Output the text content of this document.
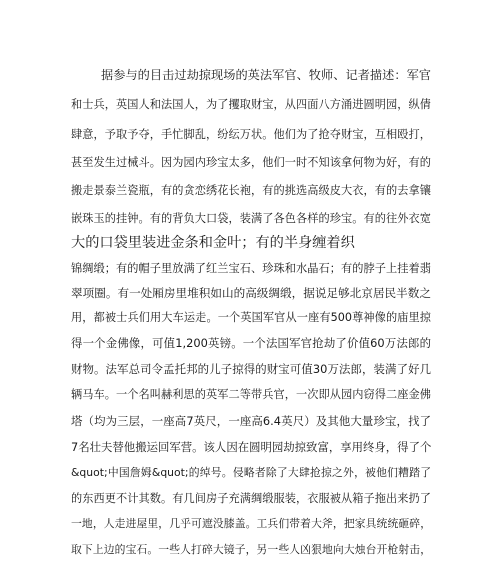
据参与的目击过劫掠现场的英法军官、牧师、记者描述：军官
和士兵，英国人和法国人，为了攫取财宝，从四面八方涌进圆明园，纵倩
肆意，予取予夺，手忙脚乱，纷纭万状。他们为了抢夺财宝，互相殴打，
甚至发生过械斗。因为园内珍宝太多，他们一时不知该拿何物为好，有的
搬走景泰兰瓷瓶，有的贪恋绣花长袍，有的挑选高级皮大衣，有的去拿镶
嵌珠玉的挂钟。有的背负大口袋，装满了各色各样的珍宝。有的往外衣宽
大的口袋里装进金条和金叶；有的半身缠着织
锦绸缎；有的帽子里放满了红兰宝石、珍珠和水晶石；有的脖子上挂着翡
翠项圈。有一处厢房里堆积如山的高级绸缎，据说足够北京居民半数之
用，都被士兵们用大车运走。一个英国军官从一座有500尊神像的庙里掠
得一个金佛像，可值1,200英镑。一个法国军官抢劫了价值60万法郎的
财物。法军总司令孟托邦的儿子掠得的财宝可值30万法郎，装满了好几
辆马车。一个名叫赫利思的英军二等带兵官，一次即从园内窃得二座金佛
塔（均为三层，一座高7英尺，一座高6.4英尺）及其他大量珍宝，找了
7名壮夫替他搬运回军营。该人因在圆明园劫掠致富，享用终身，得了个
&quot;中国詹姆&quot;的绰号。侵略者除了大肆抢掠之外，被他们糟踏了
的东西更不计其数。有几间房子充满绸缎服装，衣服被从箱子拖出来扔了
一地，人走进屋里，几乎可遮没膝盖。工兵们带着大斧，把家具统统砸碎，
取下上边的宝石。一些人打碎大镜子，另一些人凶狠地向大烛台开枪射击，
